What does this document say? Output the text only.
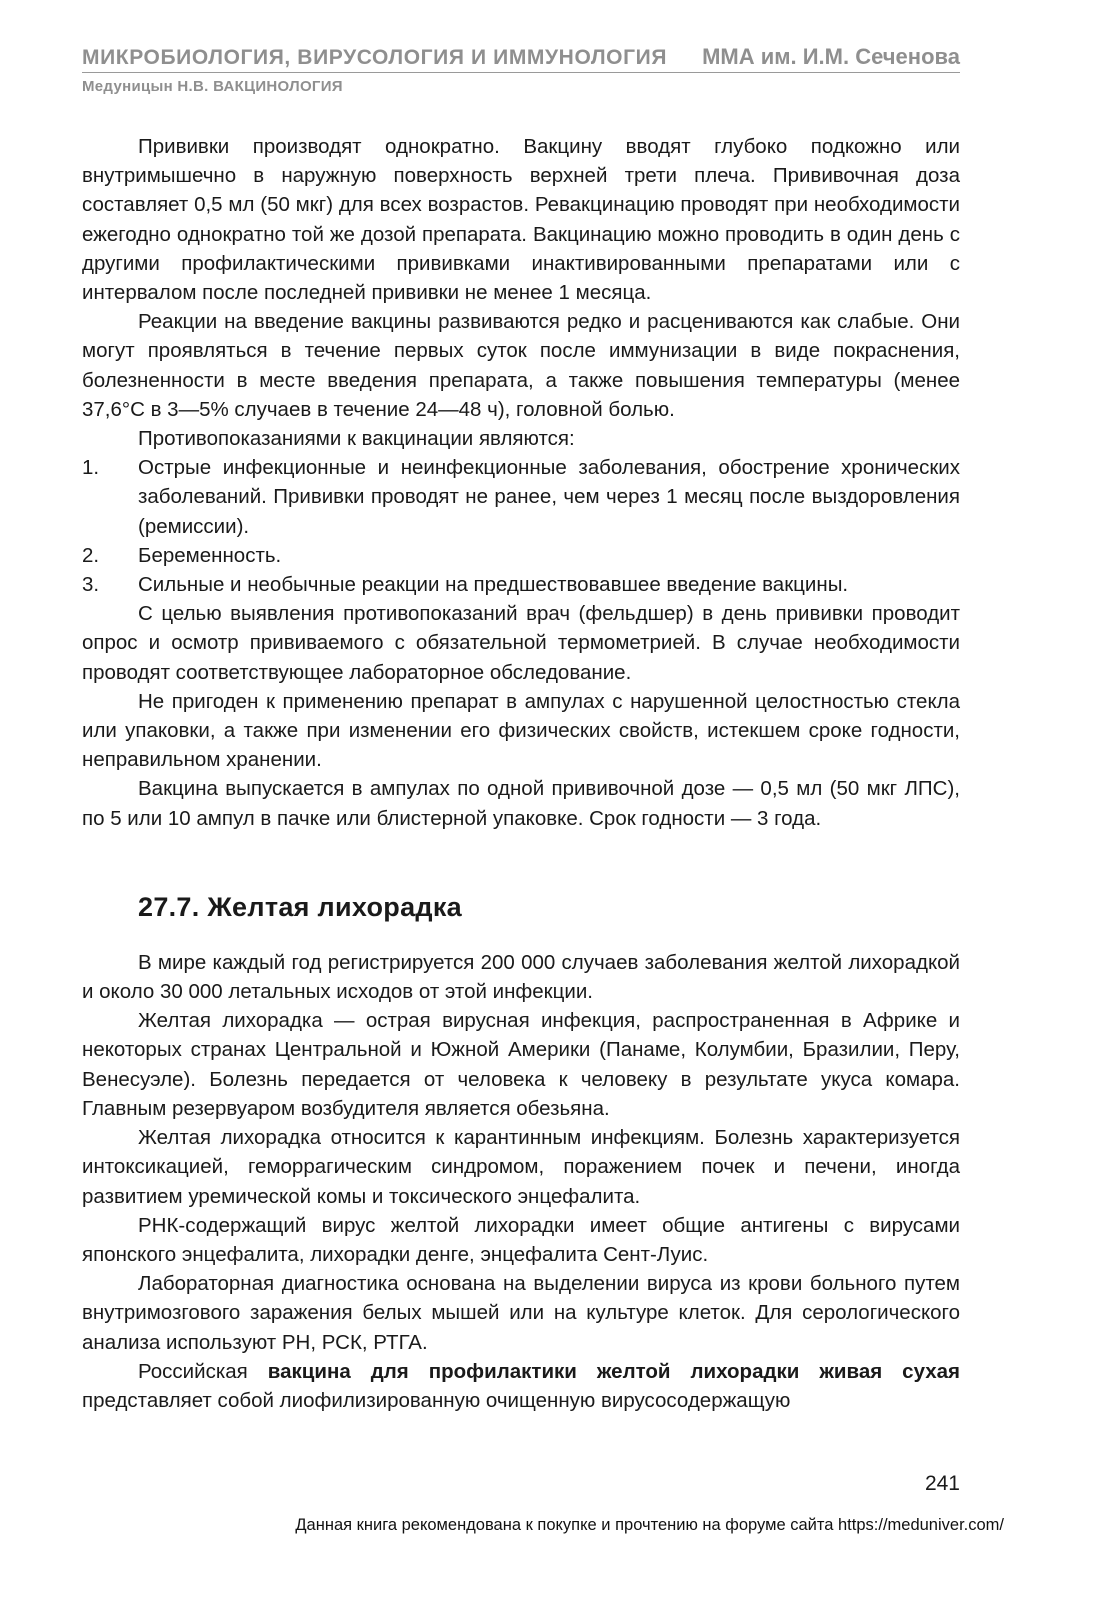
МИКРОБИОЛОГИЯ, ВИРУСОЛОГИЯ И ИММУНОЛОГИЯ ММА им. И.М. Сеченова
Медуницын Н.В. ВАКЦИНОЛОГИЯ

Прививки производят однократно. Вакцину вводят глубоко подкожно или внутримышечно в наружную поверхность верхней трети плеча. Прививочная доза составляет 0,5 мл (50 мкг) для всех возрастов. Ревакцинацию проводят при необходимости ежегодно однократно той же дозой препарата. Вакцинацию можно проводить в один день с другими профилактическими прививками инактивированными препаратами или с интервалом после последней прививки не менее 1 месяца.

Реакции на введение вакцины развиваются редко и расцениваются как слабые. Они могут проявляться в течение первых суток после иммунизации в виде покраснения, болезненности в месте введения препарата, а также повышения температуры (менее 37,6°С в 3—5% случаев в течение 24—48 ч), головной болью.

Противопоказаниями к вакцинации являются:

1.	Острые инфекционные и неинфекционные заболевания, обострение хронических заболеваний. Прививки проводят не ранее, чем через 1 месяц после выздоровления (ремиссии).
2.	Беременность.
3.	Сильные и необычные реакции на предшествовавшее введение вакцины.

С целью выявления противопоказаний врач (фельдшер) в день прививки проводит опрос и осмотр прививаемого с обязательной термометрией. В случае необходимости проводят соответствующее лабораторное обследование.

Не пригоден к применению препарат в ампулах с нарушенной целостностью стекла или упаковки, а также при изменении его физических свойств, истекшем сроке годности, неправильном хранении.

Вакцина выпускается в ампулах по одной прививочной дозе — 0,5 мл (50 мкг ЛПС), по 5 или 10 ампул в пачке или блистерной упаковке. Срок годности — 3 года.

27.7. Желтая лихорадка

В мире каждый год регистрируется 200 000 случаев заболевания желтой лихорадкой и около 30 000 летальных исходов от этой инфекции.

Желтая лихорадка — острая вирусная инфекция, распространенная в Африке и некоторых странах Центральной и Южной Америки (Панаме, Колумбии, Бразилии, Перу, Венесуэле). Болезнь передается от человека к человеку в результате укуса комара. Главным резервуаром возбудителя является обезьяна.

Желтая лихорадка относится к карантинным инфекциям. Болезнь характеризуется интоксикацией, геморрагическим синдромом, поражением почек и печени, иногда развитием уремической комы и токсического энцефалита.

РНК-содержащий вирус желтой лихорадки имеет общие антигены с вирусами японского энцефалита, лихорадки денге, энцефалита Сент-Луис.

Лабораторная диагностика основана на выделении вируса из крови больного путем внутримозгового заражения белых мышей или на культуре клеток. Для серологического анализа используют РН, РСК, РТГА.

Российская вакцина для профилактики желтой лихорадки живая сухая представляет собой лиофилизированную очищенную вирусосодержащую

241
Данная книга рекомендована к покупке и прочтению на форуме сайта https://meduniver.com/
